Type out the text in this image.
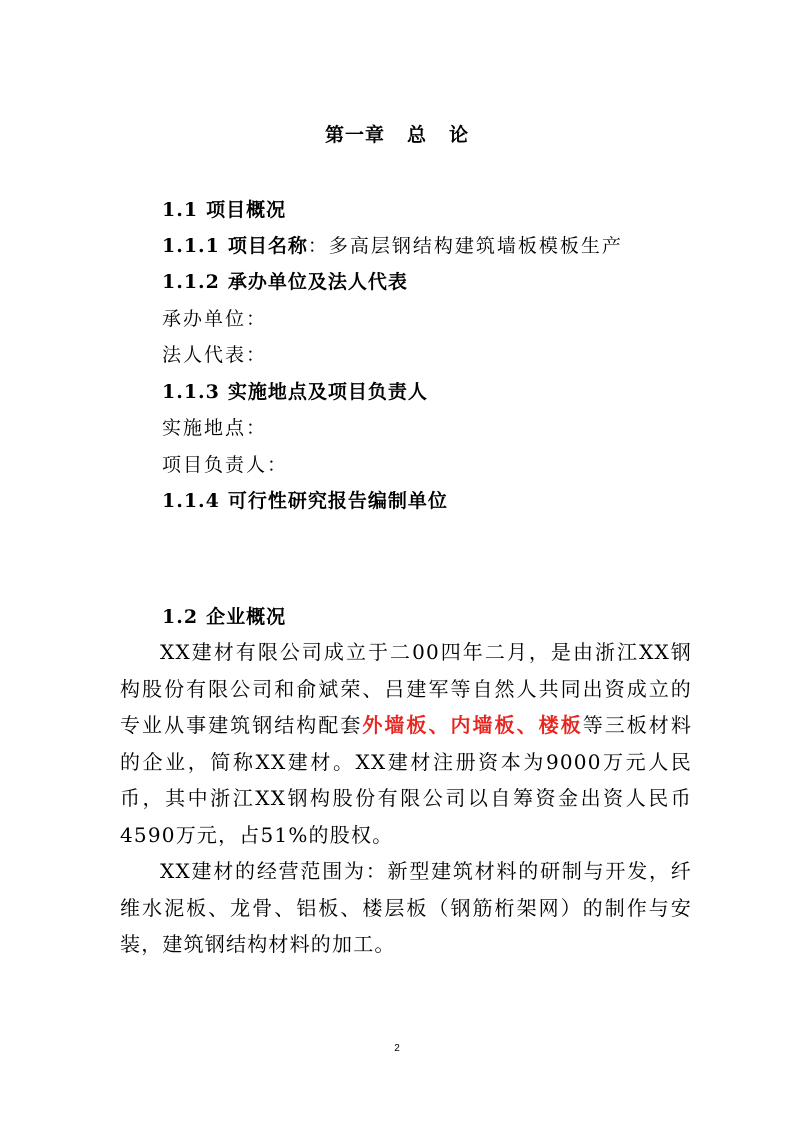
第一章 总 论
1.1 项目概况
1.1.1 项目名称：多高层钢结构建筑墙板模板生产
1.1.2 承办单位及法人代表
承办单位：
法人代表：
1.1.3 实施地点及项目负责人
实施地点：
项目负责人：
1.1.4 可行性研究报告编制单位
1.2 企业概况
XX建材有限公司成立于二00四年二月，是由浙江XX钢构股份有限公司和俞斌荣、吕建军等自然人共同出资成立的专业从事建筑钢结构配套外墙板、内墙板、楼板等三板材料的企业，简称XX建材。XX建材注册资本为9000万元人民币，其中浙江XX钢构股份有限公司以自筹资金出资人民币4590万元，占51%的股权。
XX建材的经营范围为：新型建筑材料的研制与开发，纤维水泥板、龙骨、铝板、楼层板（钢筋桁架网）的制作与安装，建筑钢结构材料的加工。
2
